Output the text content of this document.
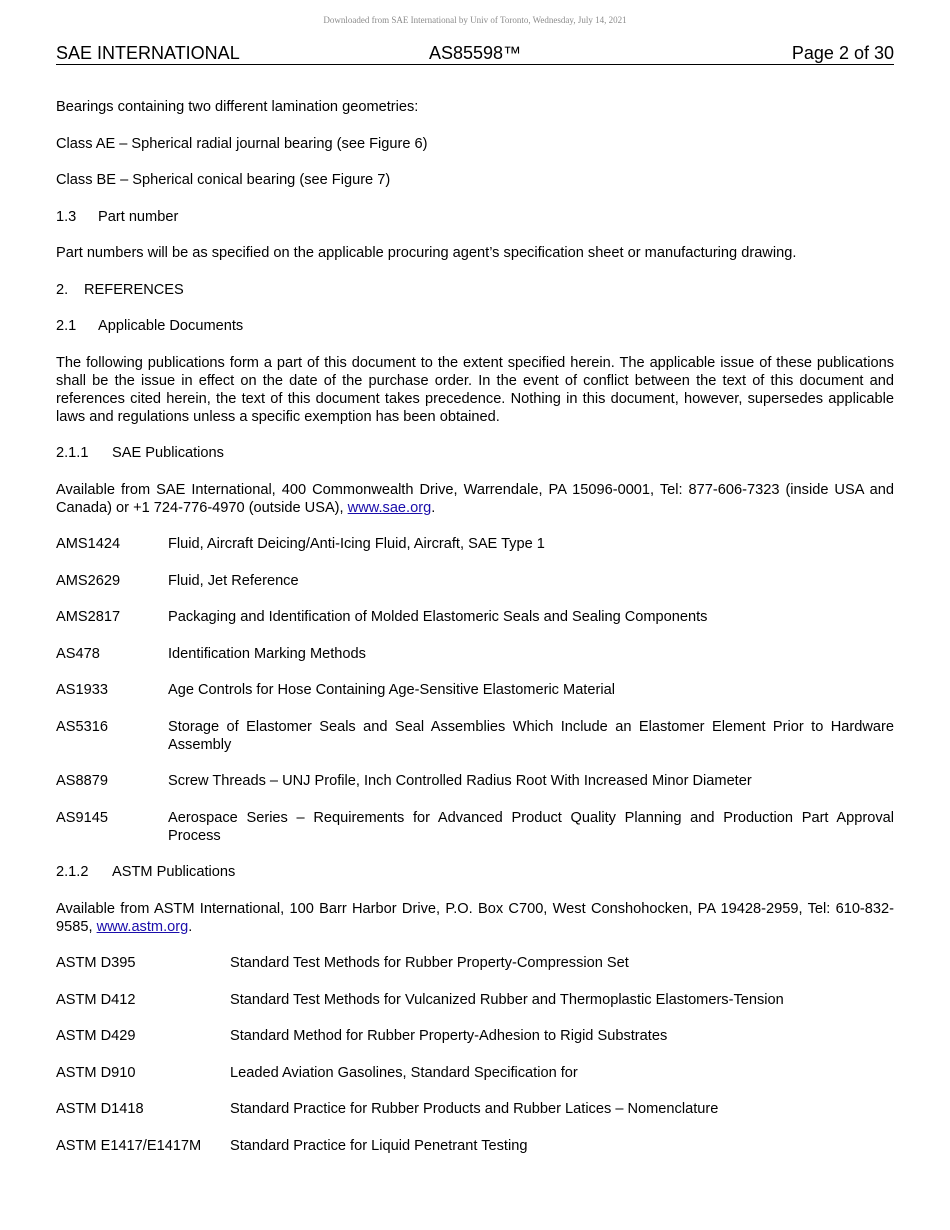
Downloaded from SAE International by Univ of Toronto, Wednesday, July 14, 2021
AS85598™
SAE INTERNATIONAL	Page 2 of 30

Bearings containing two different lamination geometries:

Class AE – Spherical radial journal bearing (see Figure 6)

Class BE – Spherical conical bearing (see Figure 7)

1.3 Part number

Part numbers will be as specified on the applicable procuring agent’s specification sheet or manufacturing drawing.

2. REFERENCES
2.1 Applicable Documents

The following publications form a part of this document to the extent specified herein. The applicable issue of these publications shall be the issue in effect on the date of the purchase order. In the event of conflict between the text of this document and references cited herein, the text of this document takes precedence. Nothing in this document, however, supersedes applicable laws and regulations unless a specific exemption has been obtained.

2.1.1 SAE Publications

Available from SAE International, 400 Commonwealth Drive, Warrendale, PA 15096-0001, Tel: 877-606-7323 (inside USA and Canada) or +1 724-776-4970 (outside USA), www.sae.org.

AMS1424	Fluid, Aircraft Deicing/Anti-Icing Fluid, Aircraft, SAE Type 1
AMS2629	Fluid, Jet Reference
AMS2817	Packaging and Identification of Molded Elastomeric Seals and Sealing Components
AS478	Identification Marking Methods
AS1933	Age Controls for Hose Containing Age-Sensitive Elastomeric Material
AS5316	Storage of Elastomer Seals and Seal Assemblies Which Include an Elastomer Element Prior to Hardware Assembly
AS8879	Screw Threads – UNJ Profile, Inch Controlled Radius Root With Increased Minor Diameter
AS9145	Aerospace Series – Requirements for Advanced Product Quality Planning and Production Part Approval Process
2.1.2 ASTM Publications

Available from ASTM International, 100 Barr Harbor Drive, P.O. Box C700, West Conshohocken, PA 19428-2959, Tel: 610-832-9585, www.astm.org.

ASTM D395	Standard Test Methods for Rubber Property-Compression Set
ASTM D412	Standard Test Methods for Vulcanized Rubber and Thermoplastic Elastomers-Tension
ASTM D429	Standard Method for Rubber Property-Adhesion to Rigid Substrates
ASTM D910	Leaded Aviation Gasolines, Standard Specification for
ASTM D1418	Standard Practice for Rubber Products and Rubber Latices – Nomenclature
ASTM E1417/E1417M	Standard Practice for Liquid Penetrant Testing
